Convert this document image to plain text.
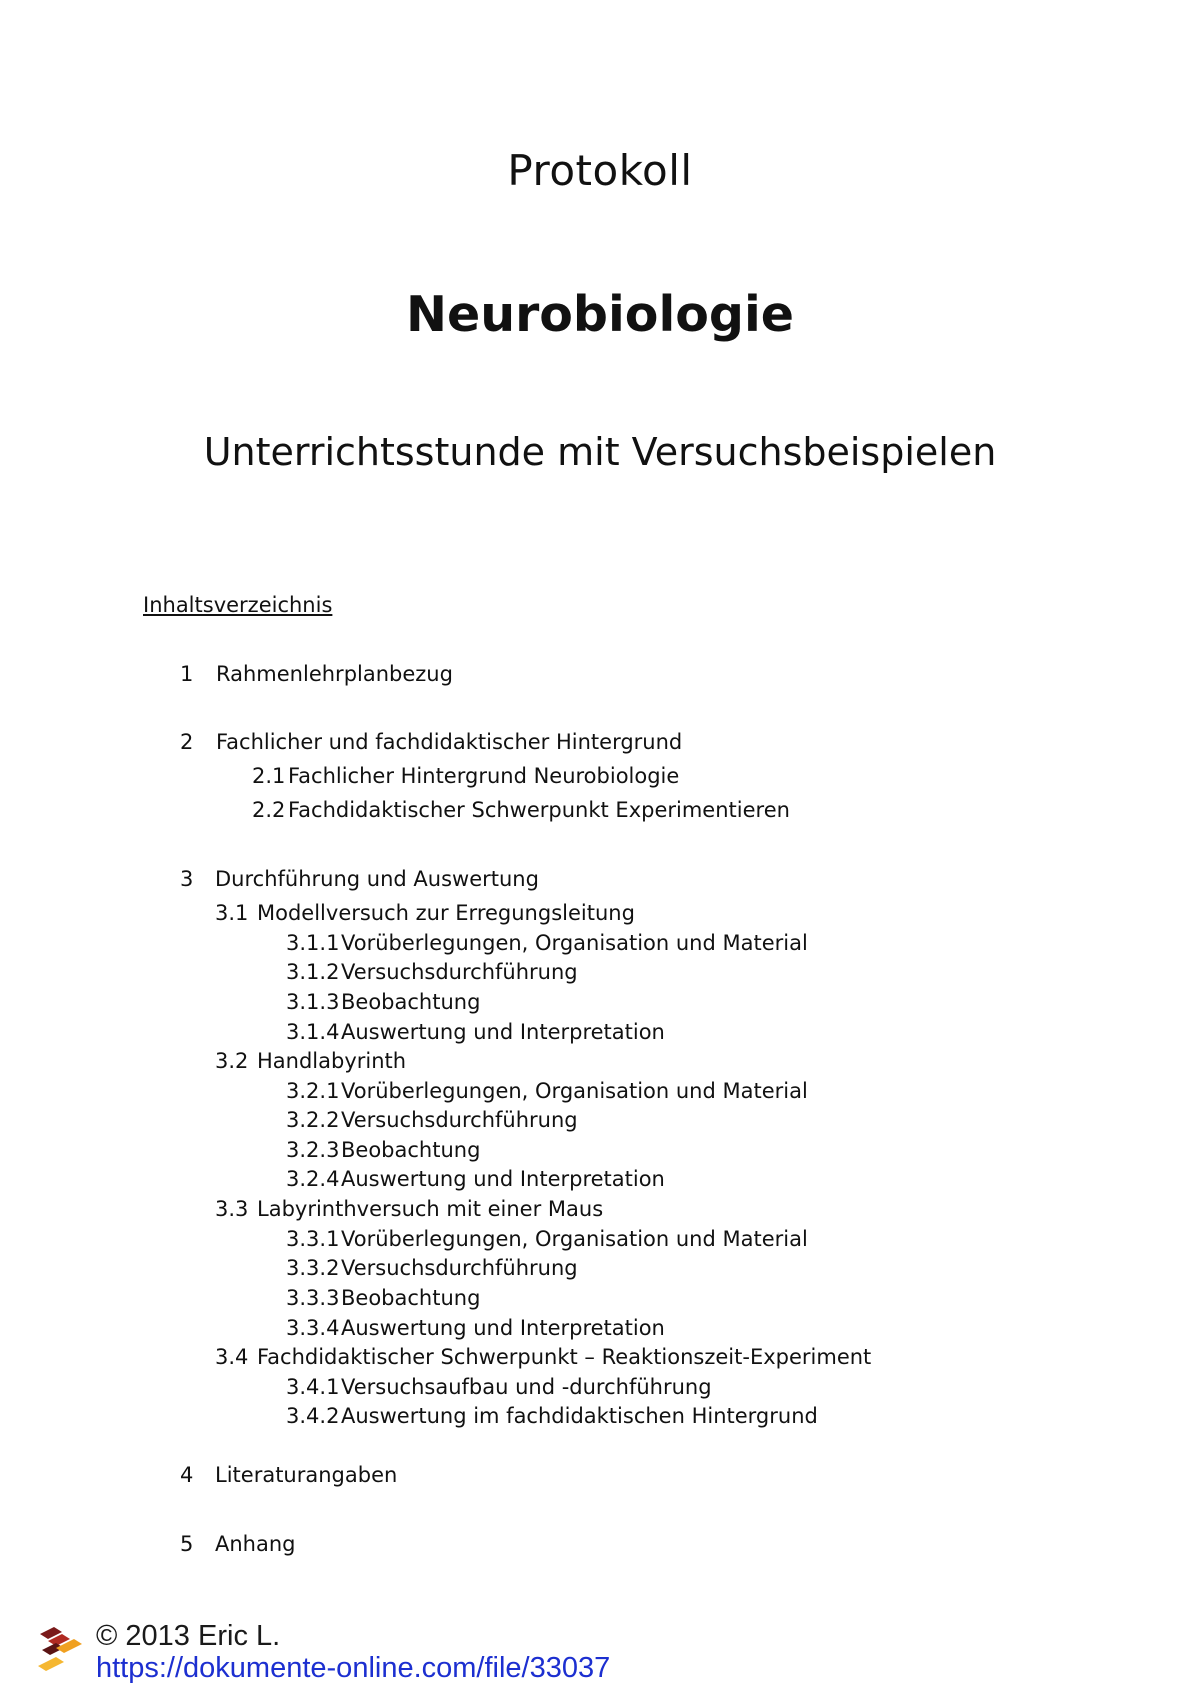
Protokoll
Neurobiologie
Unterrichtsstunde mit Versuchsbeispielen
Inhaltsverzeichnis
1 Rahmenlehrplanbezug
2 Fachlicher und fachdidaktischer Hintergrund
2.1 Fachlicher Hintergrund Neurobiologie
2.2 Fachdidaktischer Schwerpunkt Experimentieren
3 Durchführung und Auswertung
3.1 Modellversuch zur Erregungsleitung
3.1.1Vorüberlegungen, Organisation und Material
3.1.2Versuchsdurchführung
3.1.3Beobachtung
3.1.4Auswertung und Interpretation
3.2 Handlabyrinth
3.2.1Vorüberlegungen, Organisation und Material
3.2.2Versuchsdurchführung
3.2.3Beobachtung
3.2.4Auswertung und Interpretation
3.3 Labyrinthversuch mit einer Maus
3.3.1Vorüberlegungen, Organisation und Material
3.3.2Versuchsdurchführung
3.3.3Beobachtung
3.3.4Auswertung und Interpretation
3.4 Fachdidaktischer Schwerpunkt – Reaktionszeit-Experiment
3.4.1Versuchsaufbau und -durchführung
3.4.2Auswertung im fachdidaktischen Hintergrund
4 Literaturangaben
5 Anhang
© 2013 Eric L.
https://dokumente-online.com/file/33037
